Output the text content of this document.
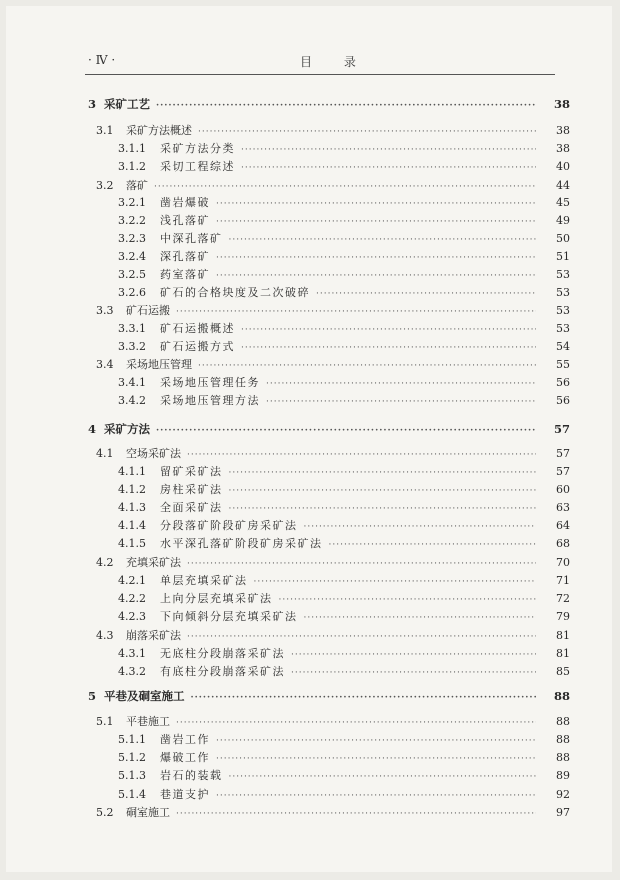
· Ⅳ ·	目 录
3 采矿工艺 ·····	38
3.1	采矿方法概述 ·····	38
3.1.1	采矿方法分类 ·····	38
3.1.2	采切工程综述 ·····	40
3.2	落矿 ·····	44
3.2.1	凿岩爆破 ·····	45
3.2.2	浅孔落矿 ·····	49
3.2.3	中深孔落矿 ·····	50
3.2.4	深孔落矿 ·····	51
3.2.5	药室落矿 ·····	53
3.2.6	矿石的合格块度及二次破碎 ·····	53
3.3	矿石运搬 ·····	53
3.3.1	矿石运搬概述 ·····	53
3.3.2	矿石运搬方式 ·····	54
3.4	采场地压管理 ·····	55
3.4.1	采场地压管理任务 ·····	56
3.4.2	采场地压管理方法 ·····	56
4 采矿方法 ·····	57
4.1	空场采矿法 ·····	57
4.1.1	留矿采矿法 ·····	57
4.1.2	房柱采矿法 ·····	60
4.1.3	全面采矿法 ·····	63
4.1.4	分段落矿阶段矿房采矿法 ·····	64
4.1.5	水平深孔落矿阶段矿房采矿法 ·····	68
4.2	充填采矿法 ·····	70
4.2.1	单层充填采矿法 ·····	71
4.2.2	上向分层充填采矿法 ·····	72
4.2.3	下向倾斜分层充填采矿法 ·····	79
4.3	崩落采矿法 ·····	81
4.3.1	无底柱分段崩落采矿法 ·····	81
4.3.2	有底柱分段崩落采矿法 ·····	85
5 平巷及硐室施工 ·····	88
5.1	平巷施工 ·····	88
5.1.1	凿岩工作 ·····	88
5.1.2	爆破工作 ·····	88
5.1.3	岩石的装载 ·····	89
5.1.4	巷道支护 ·····	92
5.2	硐室施工 ·····	97
